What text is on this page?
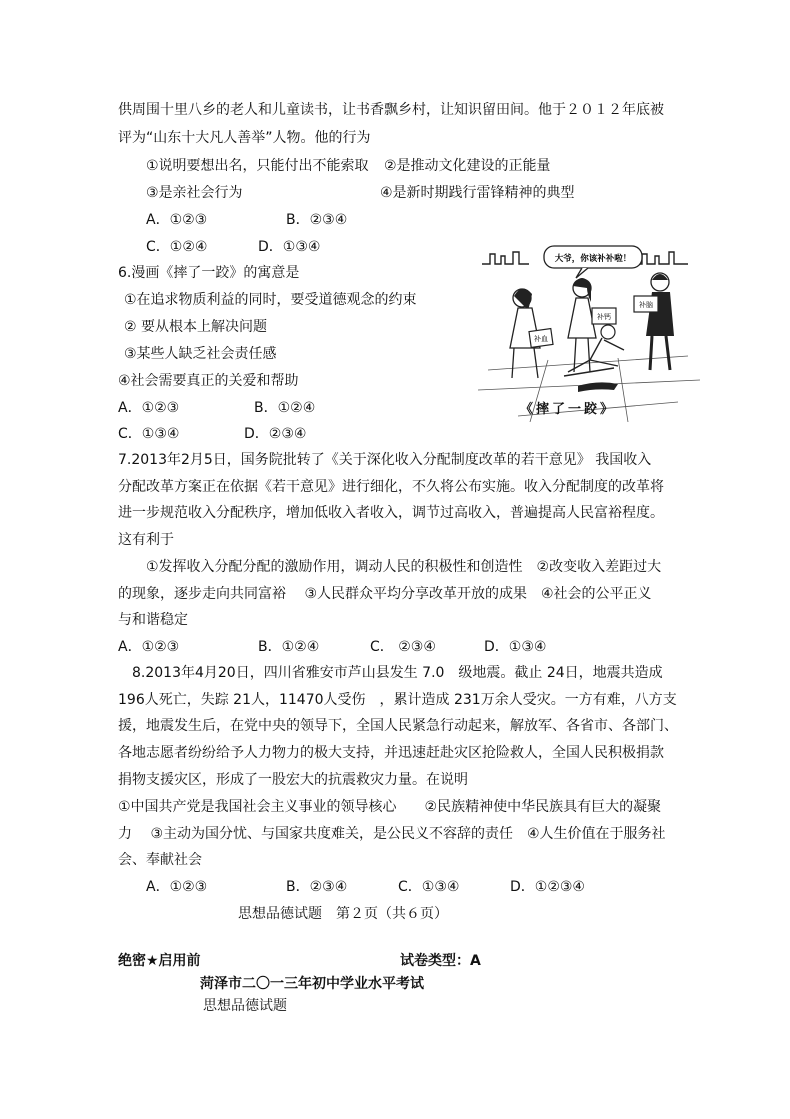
供周围十里八乡的老人和儿童读书，让书香飘乡村，让知识留田间。他于２０１２年底被
评为“山东十大凡人善举”人物。他的行为
①说明要想出名，只能付出不能索取 ②是推动文化建设的正能量
③是亲社会行为	④是新时期践行雷锋精神的典型
A．①②③	B．②③④
C．①②④	D．①③④
6.漫画《摔了一跤》的寓意是
①在追求物质利益的同时，要受道德观念的约束
② 要从根本上解决问题
③某些人缺乏社会责任感
④社会需要真正的关爱和帮助
A．①②③	B．①②④
C．①③④	D．②③④
大爷，你该补补啦！
补血
补钙
补脑
《摔了一跤》
7.2013年2月5日，国务院批转了《关于深化收入分配制度改革的若干意见》 我国收入
分配改革方案正在依据《若干意见》进行细化，不久将公布实施。收入分配制度的改革将
进一步规范收入分配秩序，增加低收入者收入，调节过高收入，普遍提高人民富裕程度。
这有利于
①发挥收入分配分配的激励作用，调动人民的积极性和创造性　②改变收入差距过大
的现象，逐步走向共同富裕　 ③人民群众平均分享改革开放的成果　④社会的公平正义
与和谐稳定
A．①②③	B．①②④	C． ②③④	D．①③④
8.2013年4月20日，四川省雅安市芦山县发生 7.0　级地震。截止 24日，地震共造成
196人死亡，失踪 21人，11470人受伤　，累计造成 231万余人受灾。一方有难，八方支
援，地震发生后，在党中央的领导下，全国人民紧急行动起来，解放军、各省市、各部门、
各地志愿者纷纷给予人力物力的极大支持，并迅速赶赴灾区抢险救人，全国人民积极捐款
捐物支援灾区，形成了一股宏大的抗震救灾力量。在说明
①中国共产党是我国社会主义事业的领导核心　　②民族精神使中华民族具有巨大的凝聚
力　 ③主动为国分忧、与国家共度难关，是公民义不容辞的责任　④人生价值在于服务社
会、奉献社会
A．①②③	B．②③④	C．①③④	D．①②③④
思想品德试题　第２页（共６页）
绝密★启用前	试卷类型：A
菏泽市二〇一三年初中学业水平考试
思想品德试题
